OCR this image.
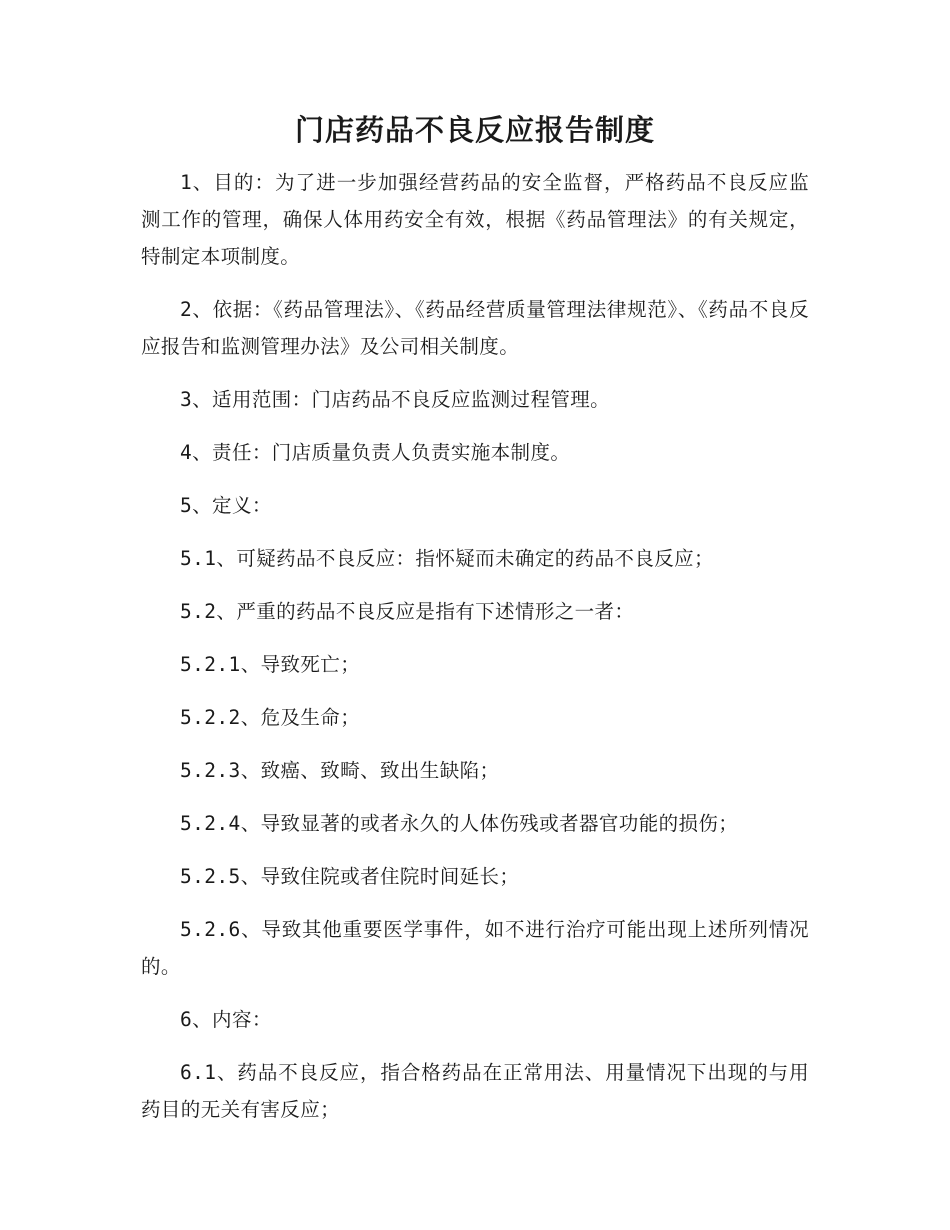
门店药品不良反应报告制度

1、目的：为了进一步加强经营药品的安全监督，严格药品不良反应监测工作的管理，确保人体用药安全有效，根据《药品管理法》的有关规定，特制定本项制度。

2、依据：《药品管理法》、《药品经营质量管理法律规范》、《药品不良反应报告和监测管理办法》及公司相关制度。

3、适用范围：门店药品不良反应监测过程管理。

4、责任：门店质量负责人负责实施本制度。

5、定义：

5.1、可疑药品不良反应：指怀疑而未确定的药品不良反应；

5.2、严重的药品不良反应是指有下述情形之一者：

5.2.1、导致死亡；

5.2.2、危及生命；

5.2.3、致癌、致畸、致出生缺陷；

5.2.4、导致显著的或者永久的人体伤残或者器官功能的损伤；

5.2.5、导致住院或者住院时间延长；

5.2.6、导致其他重要医学事件，如不进行治疗可能出现上述所列情况的。

6、内容：

6.1、药品不良反应，指合格药品在正常用法、用量情况下出现的与用药目的无关有害反应；
